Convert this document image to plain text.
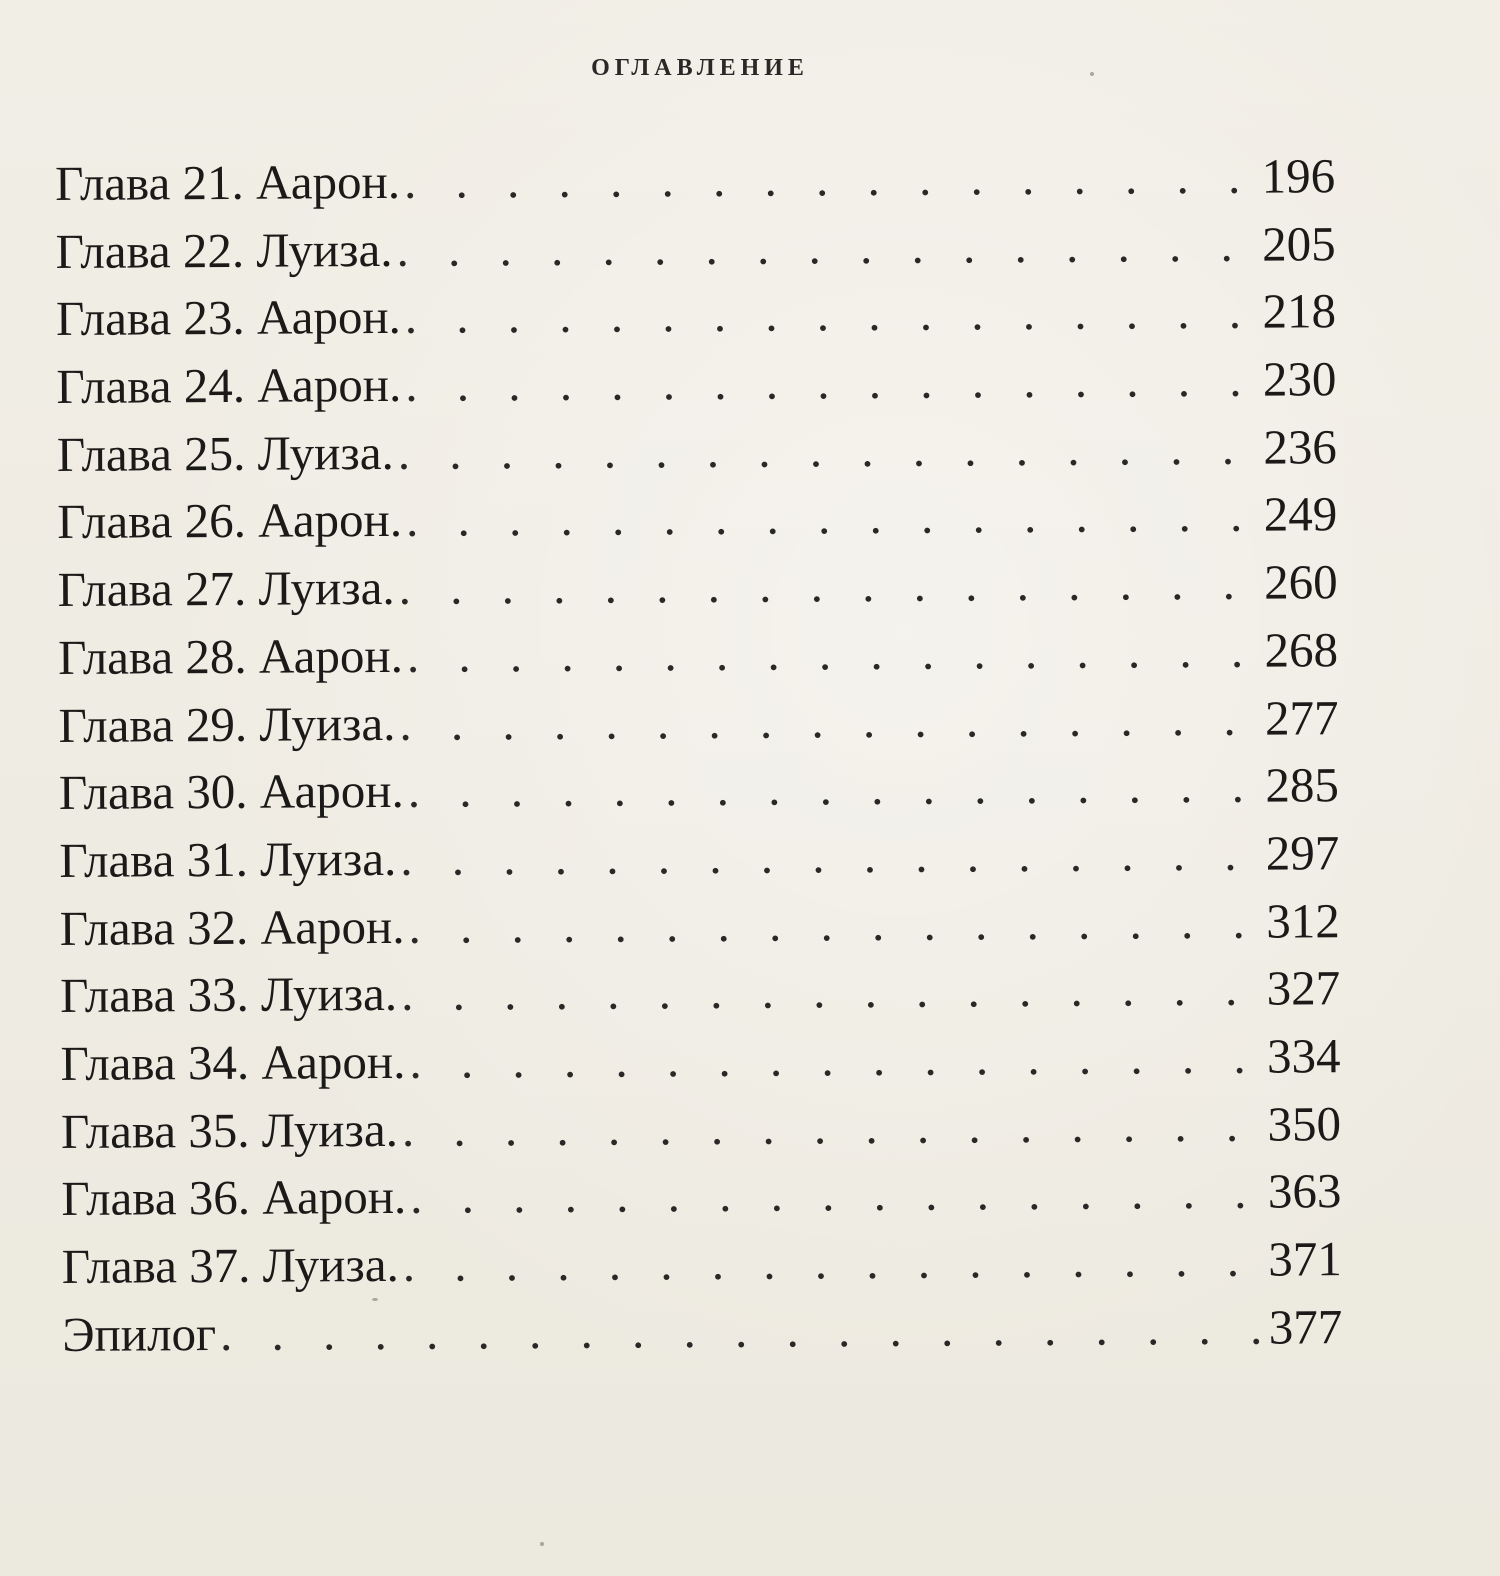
оглавление
Глава 21. Аарон. . . .	196
Глава 22. Луиза. . . .	205
Глава 23. Аарон. . . .	218
Глава 24. Аарон. . . .	230
Глава 25. Луиза. . . .	236
Глава 26. Аарон. . . .	249
Глава 27. Луиза. . . .	260
Глава 28. Аарон. . . .	268
Глава 29. Луиза. . . .	277
Глава 30. Аарон. . . .	285
Глава 31. Луиза. . . .	297
Глава 32. Аарон. . . .	312
Глава 33. Луиза. . . .	327
Глава 34. Аарон. . . .	334
Глава 35. Луиза. . . .	350
Глава 36. Аарон. . . .	363
Глава 37. Луиза. . . .	371
Эпилог . . .	377
